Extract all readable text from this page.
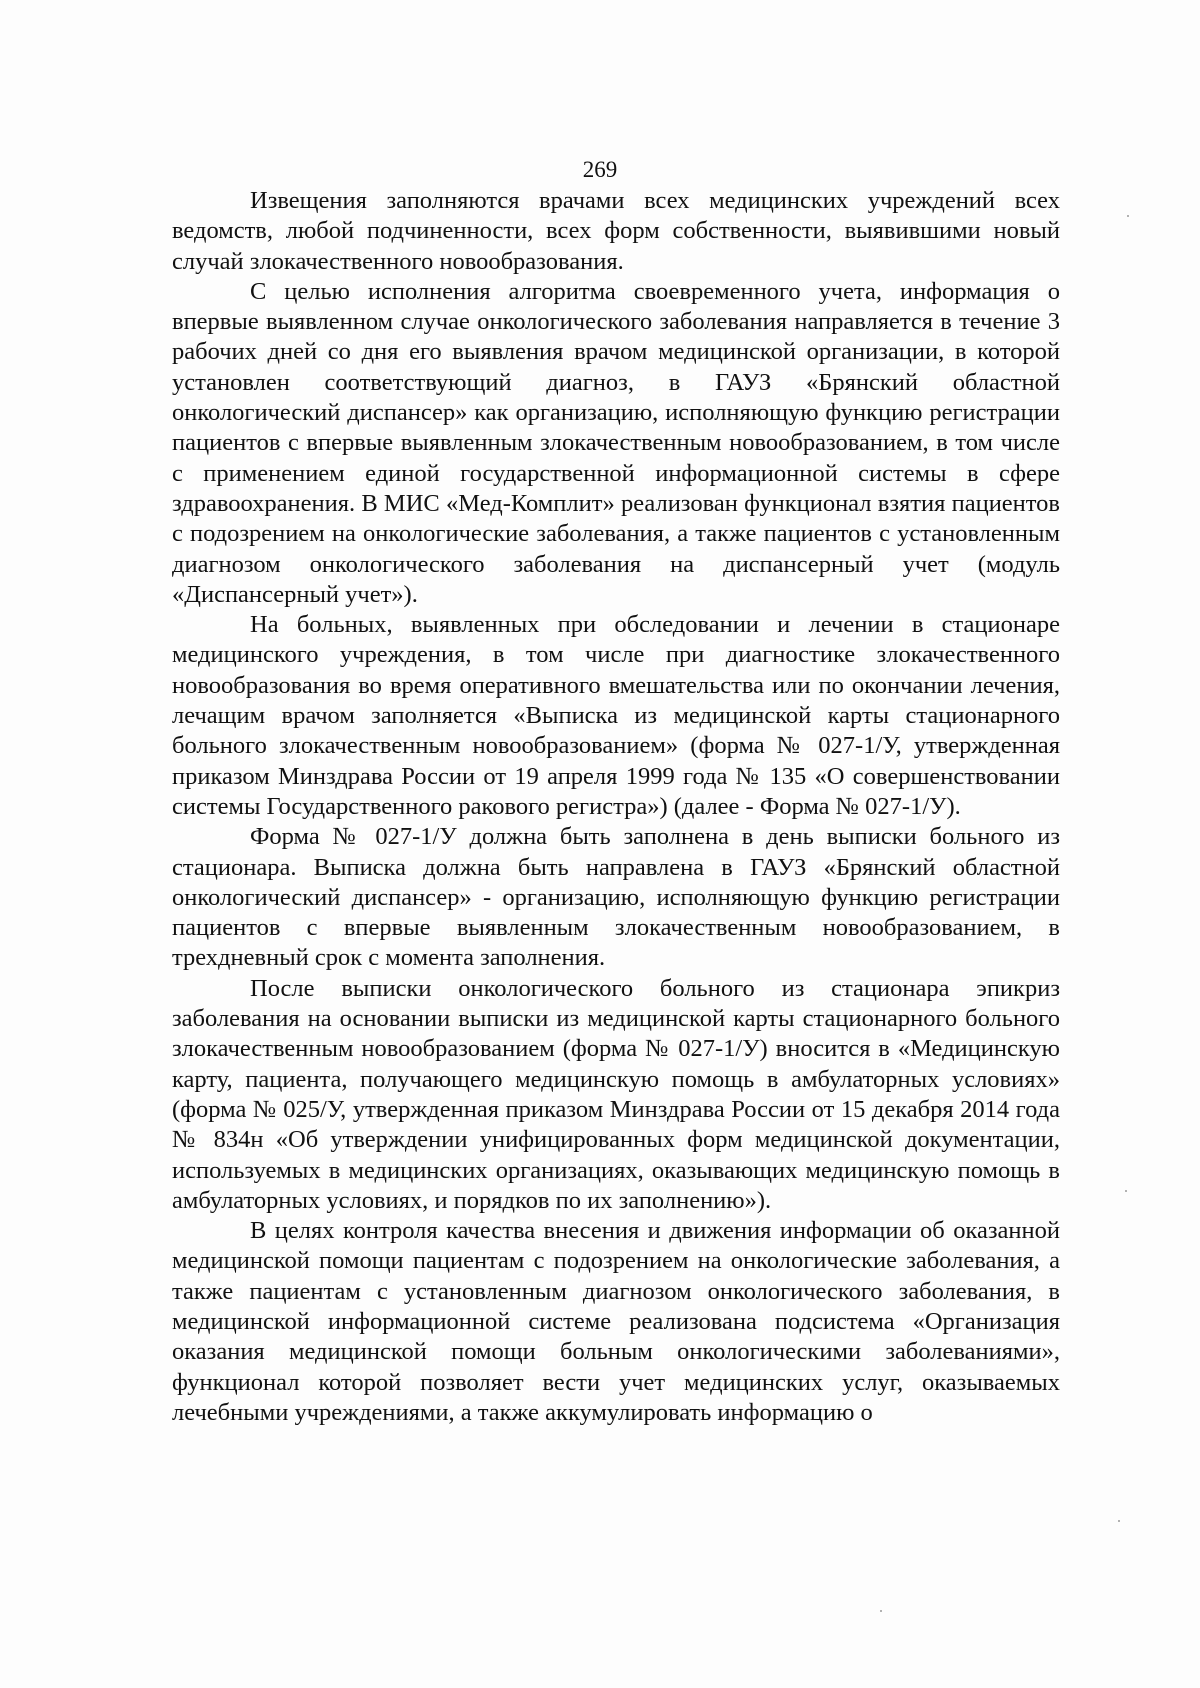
269

Извещения заполняются врачами всех медицинских учреждений всех ведомств, любой подчиненности, всех форм собственности, выявившими новый случай злокачественного новообразования.

С целью исполнения алгоритма своевременного учета, информация о впервые выявленном случае онкологического заболевания направляется в течение 3 рабочих дней со дня его выявления врачом медицинской организации, в которой установлен соответствующий диагноз, в ГАУЗ «Брянский областной онкологический диспансер» как организацию, исполняющую функцию регистрации пациентов с впервые выявленным злокачественным новообразованием, в том числе с применением единой государственной информационной системы в сфере здравоохранения. В МИС «Мед-Комплит» реализован функционал взятия пациентов с подозрением на онкологические заболевания, а также пациентов с установленным диагнозом онкологического заболевания на диспансерный учет (модуль «Диспансерный учет»).

На больных, выявленных при обследовании и лечении в стационаре медицинского учреждения, в том числе при диагностике злокачественного новообразования во время оперативного вмешательства или по окончании лечения, лечащим врачом заполняется «Выписка из медицинской карты стационарного больного злокачественным новообразованием» (форма № 027-1/У, утвержденная приказом Минздрава России от 19 апреля 1999 года № 135 «О совершенствовании системы Государственного ракового регистра») (далее - Форма № 027-1/У).

Форма № 027-1/У должна быть заполнена в день выписки больного из стационара. Выписка должна быть направлена в ГАУЗ «Брянский областной онкологический диспансер» - организацию, исполняющую функцию регистрации пациентов с впервые выявленным злокачественным новообразованием, в трехдневный срок с момента заполнения.

После выписки онкологического больного из стационара эпикриз заболевания на основании выписки из медицинской карты стационарного больного злокачественным новообразованием (форма № 027-1/У) вносится в «Медицинскую карту, пациента, получающего медицинскую помощь в амбулаторных условиях» (форма № 025/У, утвержденная приказом Минздрава России от 15 декабря 2014 года № 834н «Об утверждении унифицированных форм медицинской документации, используемых в медицинских организациях, оказывающих медицинскую помощь в амбулаторных условиях, и порядков по их заполнению»).

В целях контроля качества внесения и движения информации об оказанной медицинской помощи пациентам с подозрением на онкологические заболевания, а также пациентам с установленным диагнозом онкологического заболевания, в медицинской информационной системе реализована подсистема «Организация оказания медицинской помощи больным онкологическими заболеваниями», функционал которой позволяет вести учет медицинских услуг, оказываемых лечебными учреждениями, а также аккумулировать информацию о
